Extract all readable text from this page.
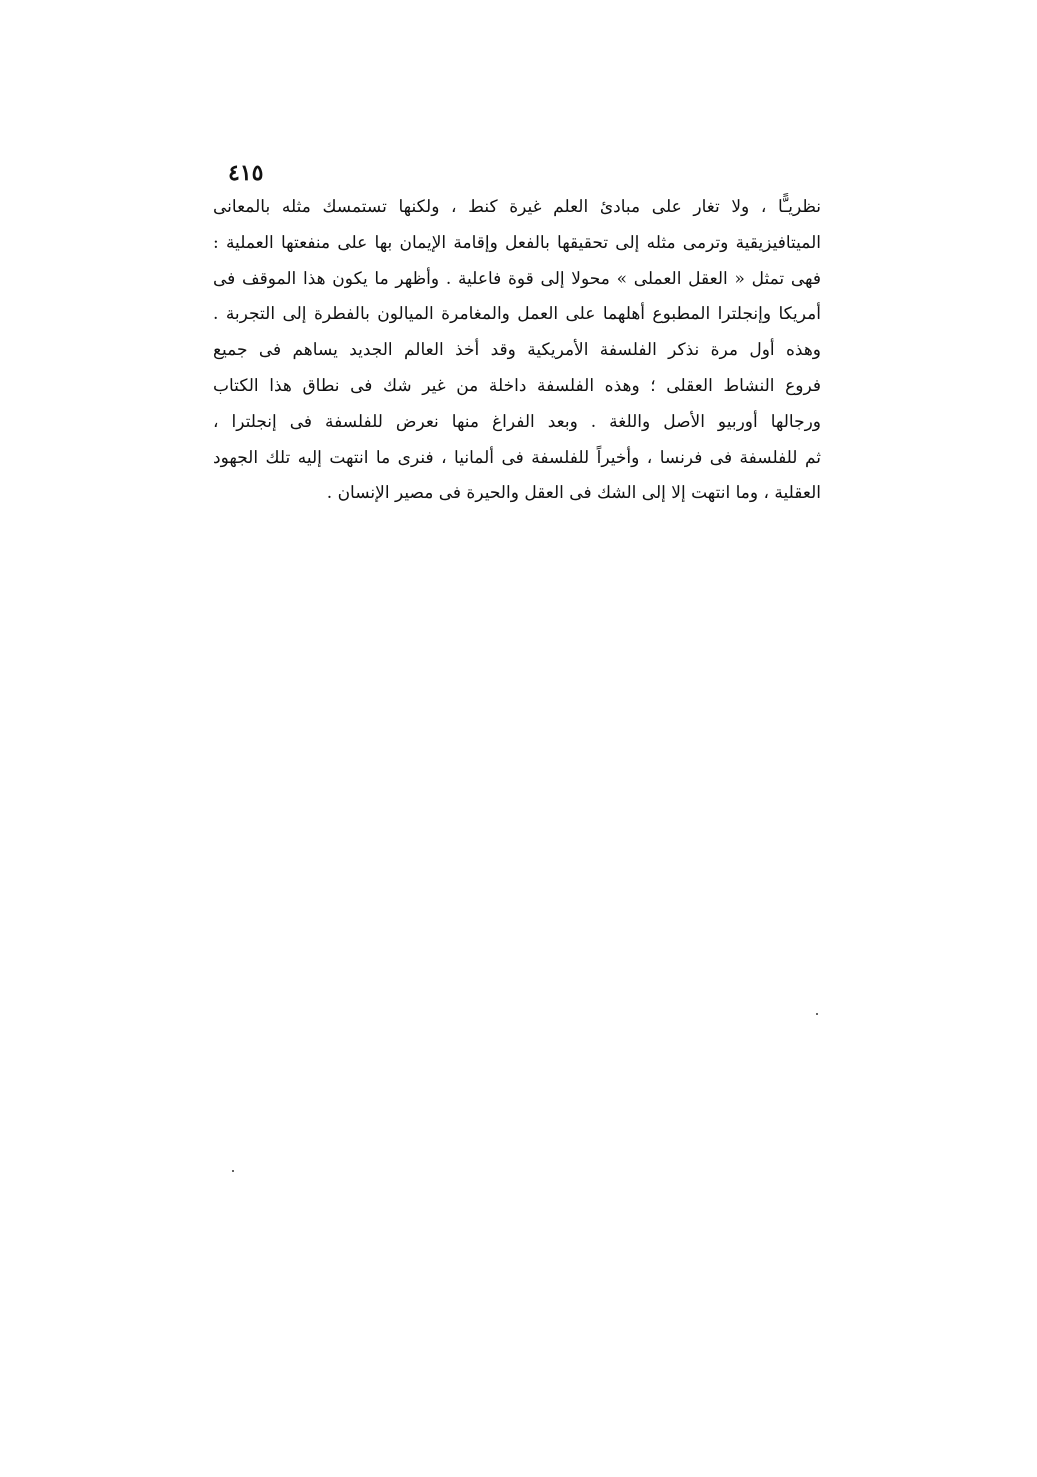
٤١٥
نظريـًّا ، ولا تغار على مبادئ العلم غيرة كنط ، ولكنها تستمسك مثله بالمعانى
الميتافيزيقية وترمى مثله إلى تحقيقها بالفعل وإقامة الإيمان بها على منفعتها العملية :
فهى تمثل « العقل العملى » محولا إلى قوة فاعلية . وأظهر ما يكون هذا الموقف فى
أمريكا وإنجلترا المطبوع أهلهما على العمل والمغامرة الميالون بالفطرة إلى التجربة .
وهذه أول مرة نذكر الفلسفة الأمريكية وقد أخذ العالم الجديد يساهم فى جميع
فروع النشاط العقلى ؛ وهذه الفلسفة داخلة من غير شك فى نطاق هذا الكتاب
ورجالها أوربيو الأصل واللغة . وبعد الفراغ منها نعرض للفلسفة فى إنجلترا ،
ثم للفلسفة فى فرنسا ، وأخيراً للفلسفة فى ألمانيا ، فنرى ما انتهت إليه تلك الجهود
العقلية ، وما انتهت إلا إلى الشك فى العقل والحيرة فى مصير الإنسان .
